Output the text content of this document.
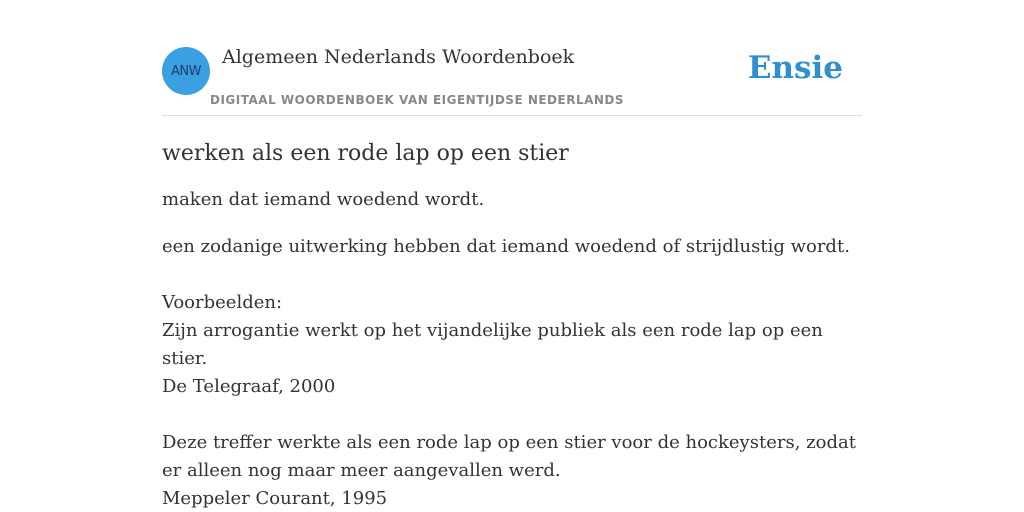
ANW
Algemeen Nederlands Woordenboek
DIGITAAL WOORDENBOEK VAN EIGENTIJDSE NEDERLANDS
Ensie
werken als een rode lap op een stier

maken dat iemand woedend wordt.

een zodanige uitwerking hebben dat iemand woedend of strijdlustig wordt.

Voorbeelden:
Zijn arrogantie werkt op het vijandelijke publiek als een rode lap op een stier.
De Telegraaf, 2000
Deze treffer werkte als een rode lap op een stier voor de hockeysters, zodat er alleen nog maar meer aangevallen werd.
Meppeler Courant, 1995
